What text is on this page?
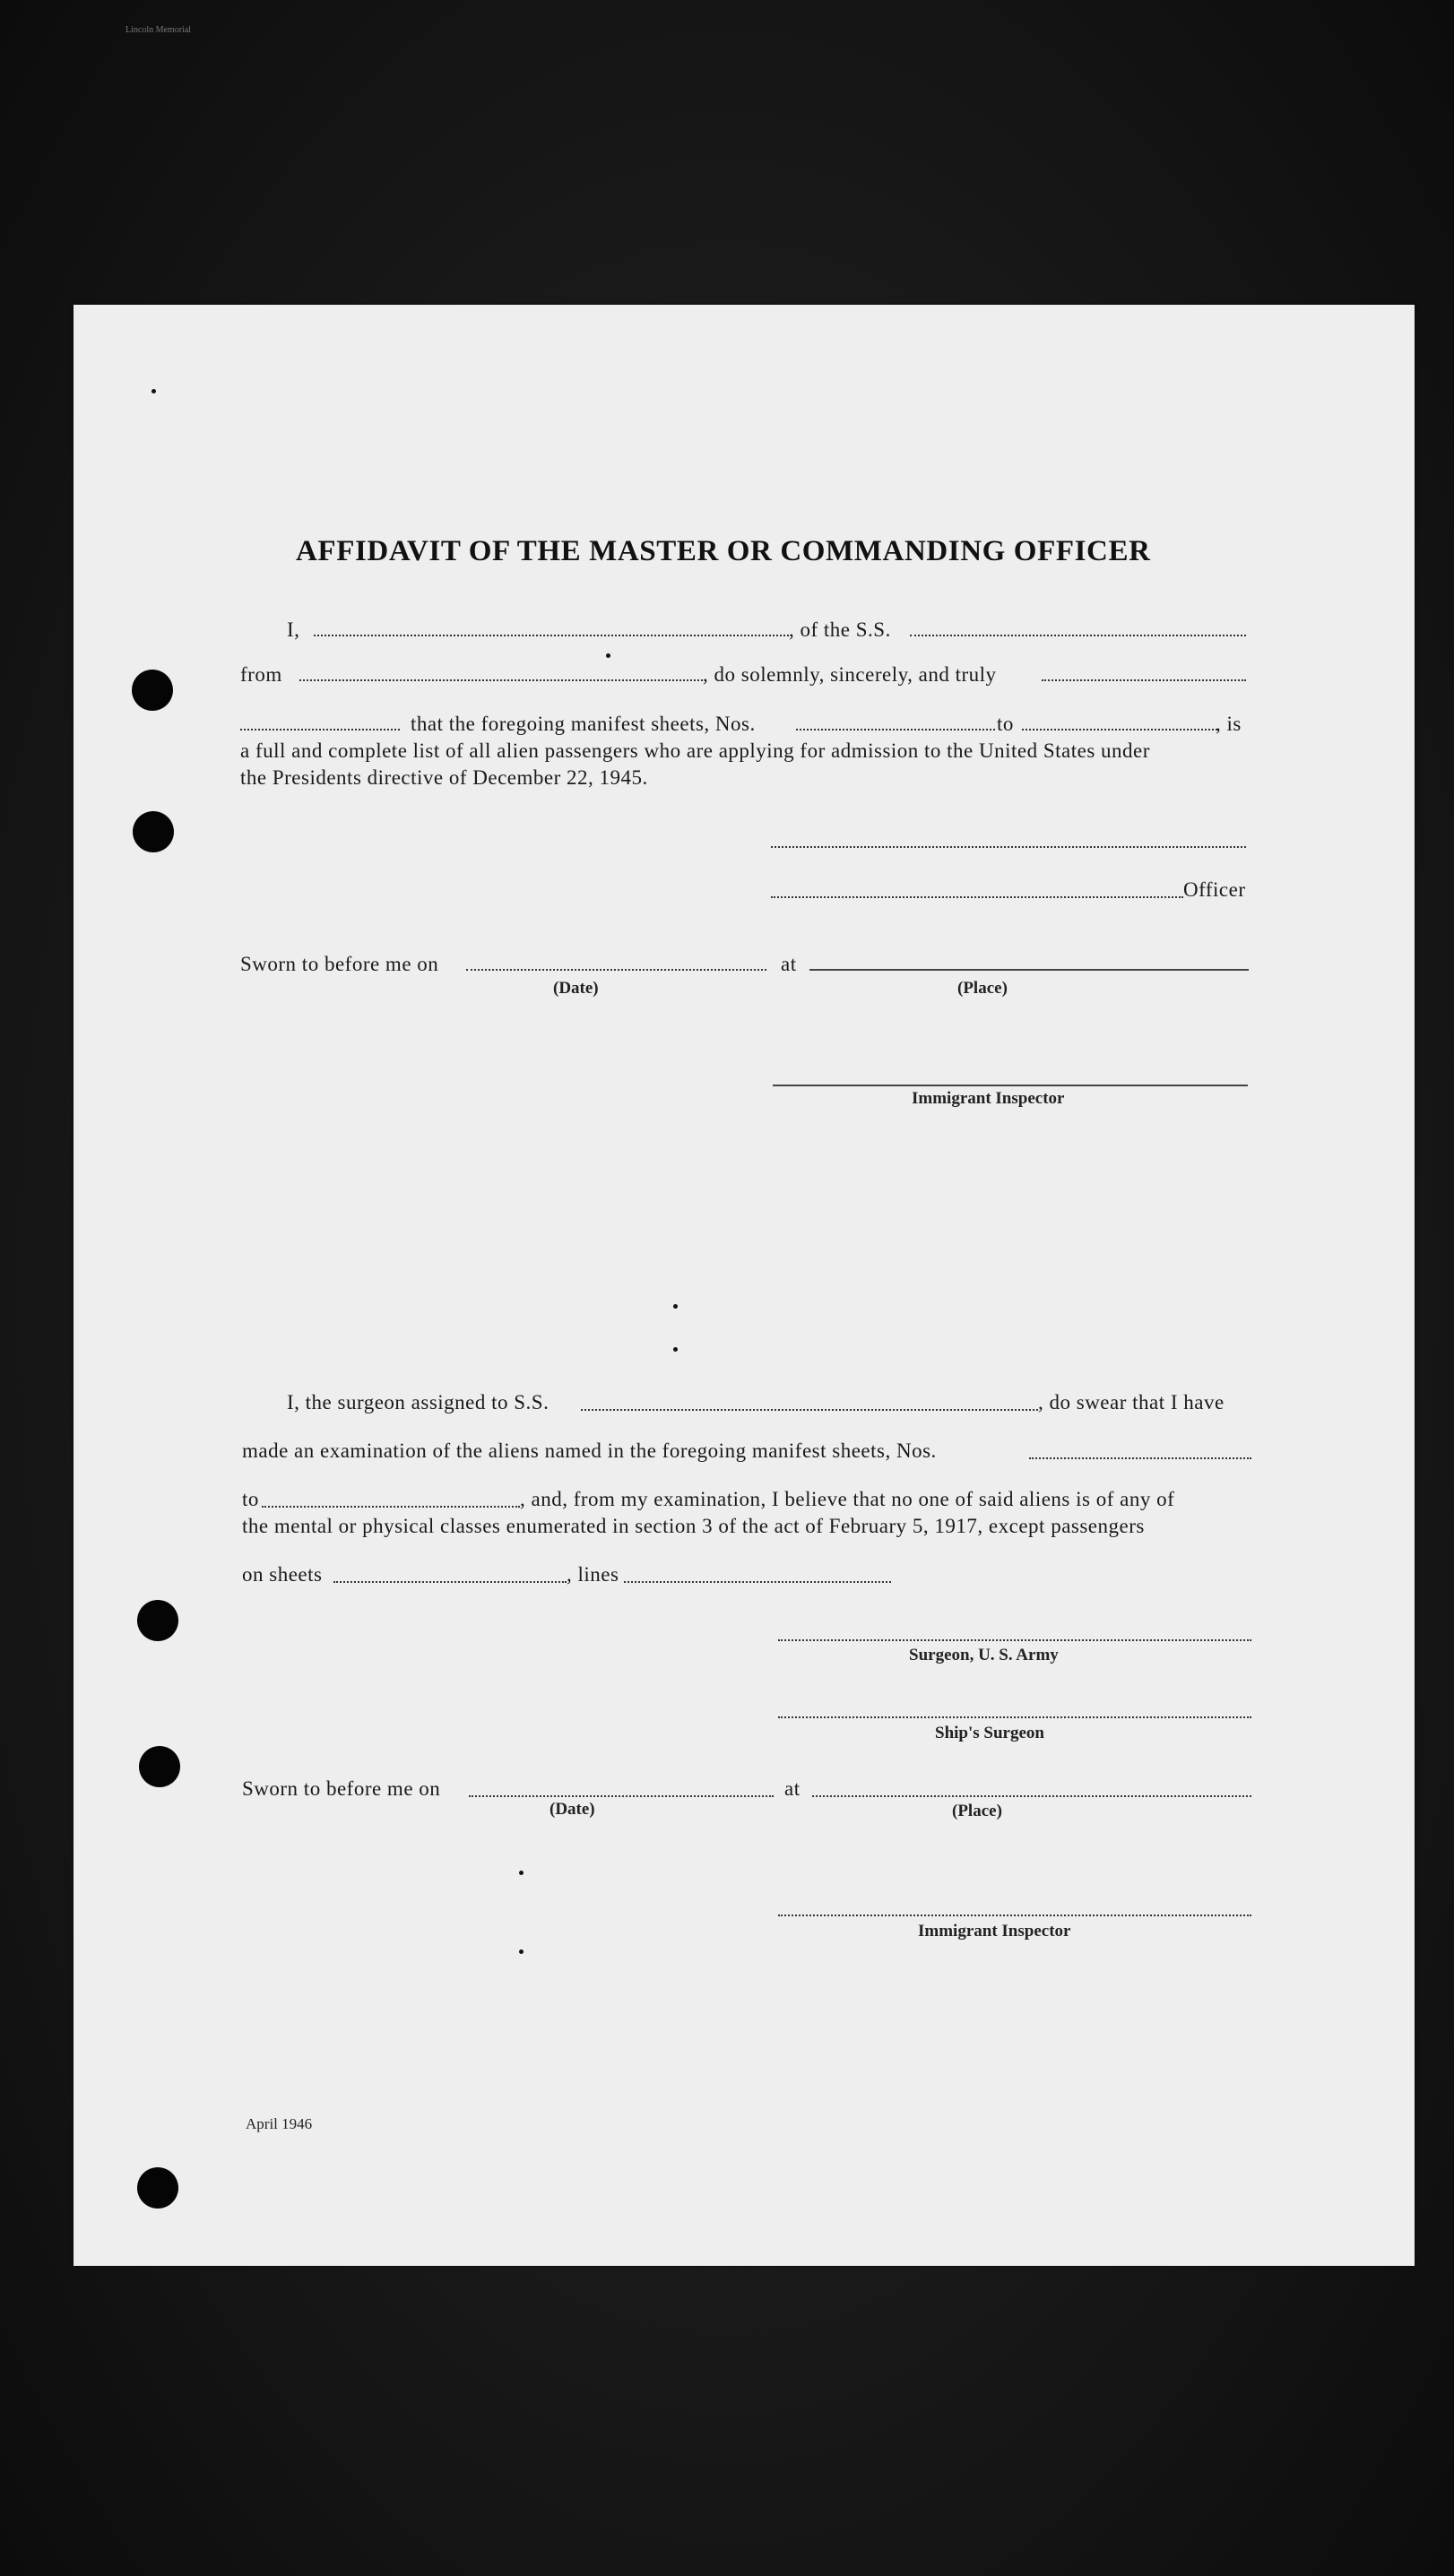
Lincoln Memorial
AFFIDAVIT OF THE MASTER OR COMMANDING OFFICER
I,	, of the S.S.
from	, do solemnly, sincerely, and truly
that the foregoing manifest sheets, Nos.	to	, is
a full and complete list of all alien passengers who are applying for admission to the United States under
the Presidents directive of December 22, 1945.
Officer
Sworn to before me on	at
(Date)	(Place)
Immigrant Inspector
I, the surgeon assigned to S.S.	, do swear that I have
made an examination of the aliens named in the foregoing manifest sheets, Nos.
to	, and, from my examination, I believe that no one of said aliens is of any of
the mental or physical classes enumerated in section 3 of the act of February 5, 1917, except passengers
on sheets	, lines
Surgeon, U. S. Army
Ship's Surgeon
Sworn to before me on	at
(Date)	(Place)
Immigrant Inspector
April 1946
